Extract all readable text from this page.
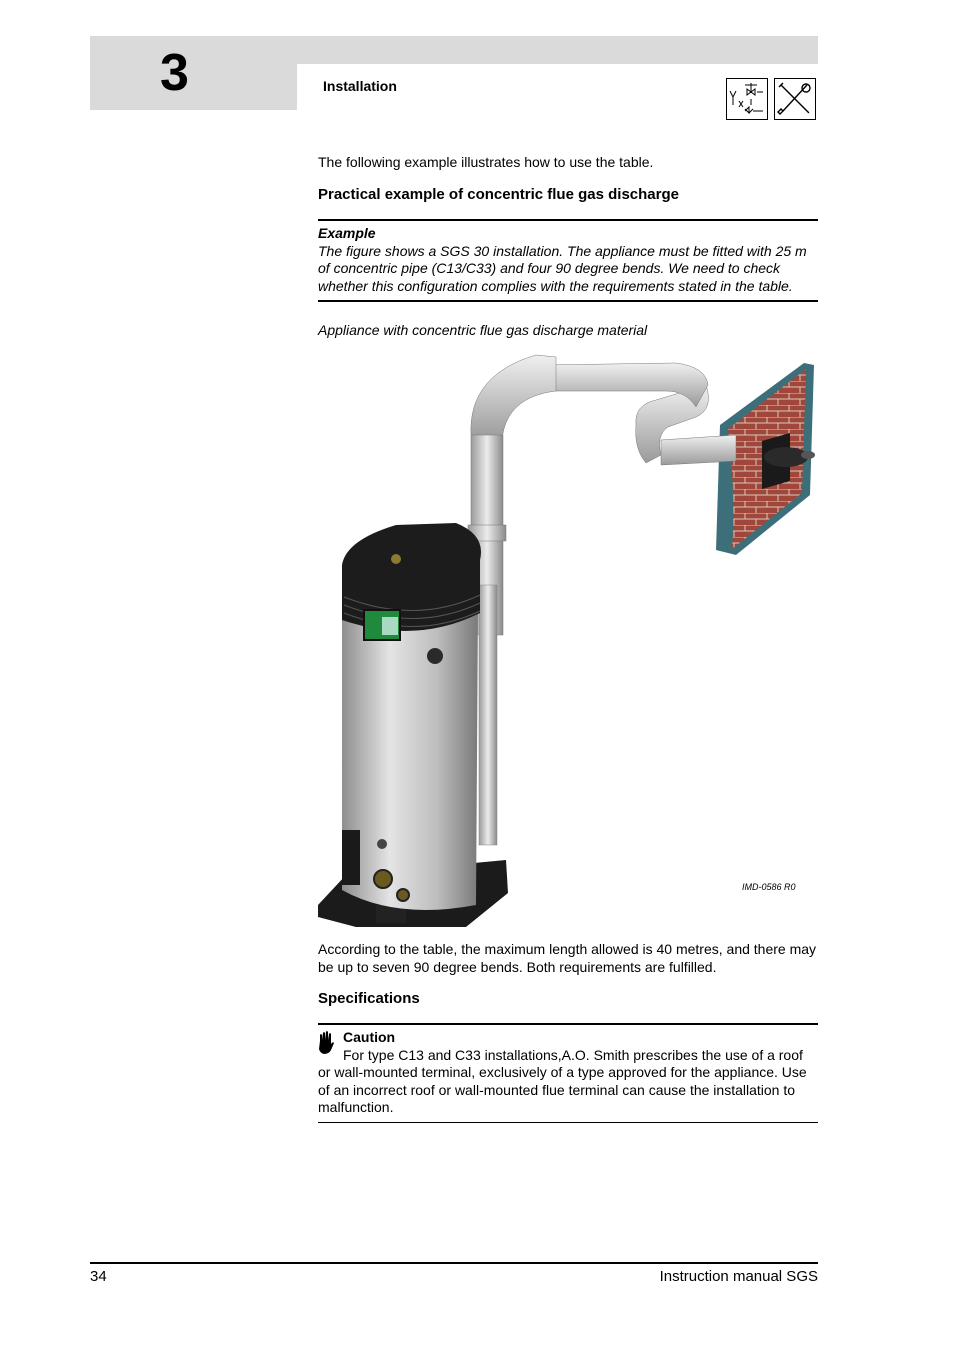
3	Installation
The following example illustrates how to use the table.
Practical example of concentric flue gas discharge
Example
The figure shows a SGS 30 installation. The appliance must be fitted with 25 m
of concentric pipe (C13/C33) and four 90 degree bends. We need to check
whether this configuration complies with the requirements stated in the table.
Appliance with concentric flue gas discharge material
IMD-0586 R0
According to the table, the maximum length allowed is 40 metres, and there may
be up to seven 90 degree bends. Both requirements are fulfilled.
Specifications
Caution
For type C13 and C33 installations,A.O. Smith prescribes the use of a roof
or wall-mounted terminal, exclusively of a type approved for the appliance. Use
of an incorrect roof or wall-mounted flue terminal can cause the installation to
malfunction.
34	Instruction manual SGS
